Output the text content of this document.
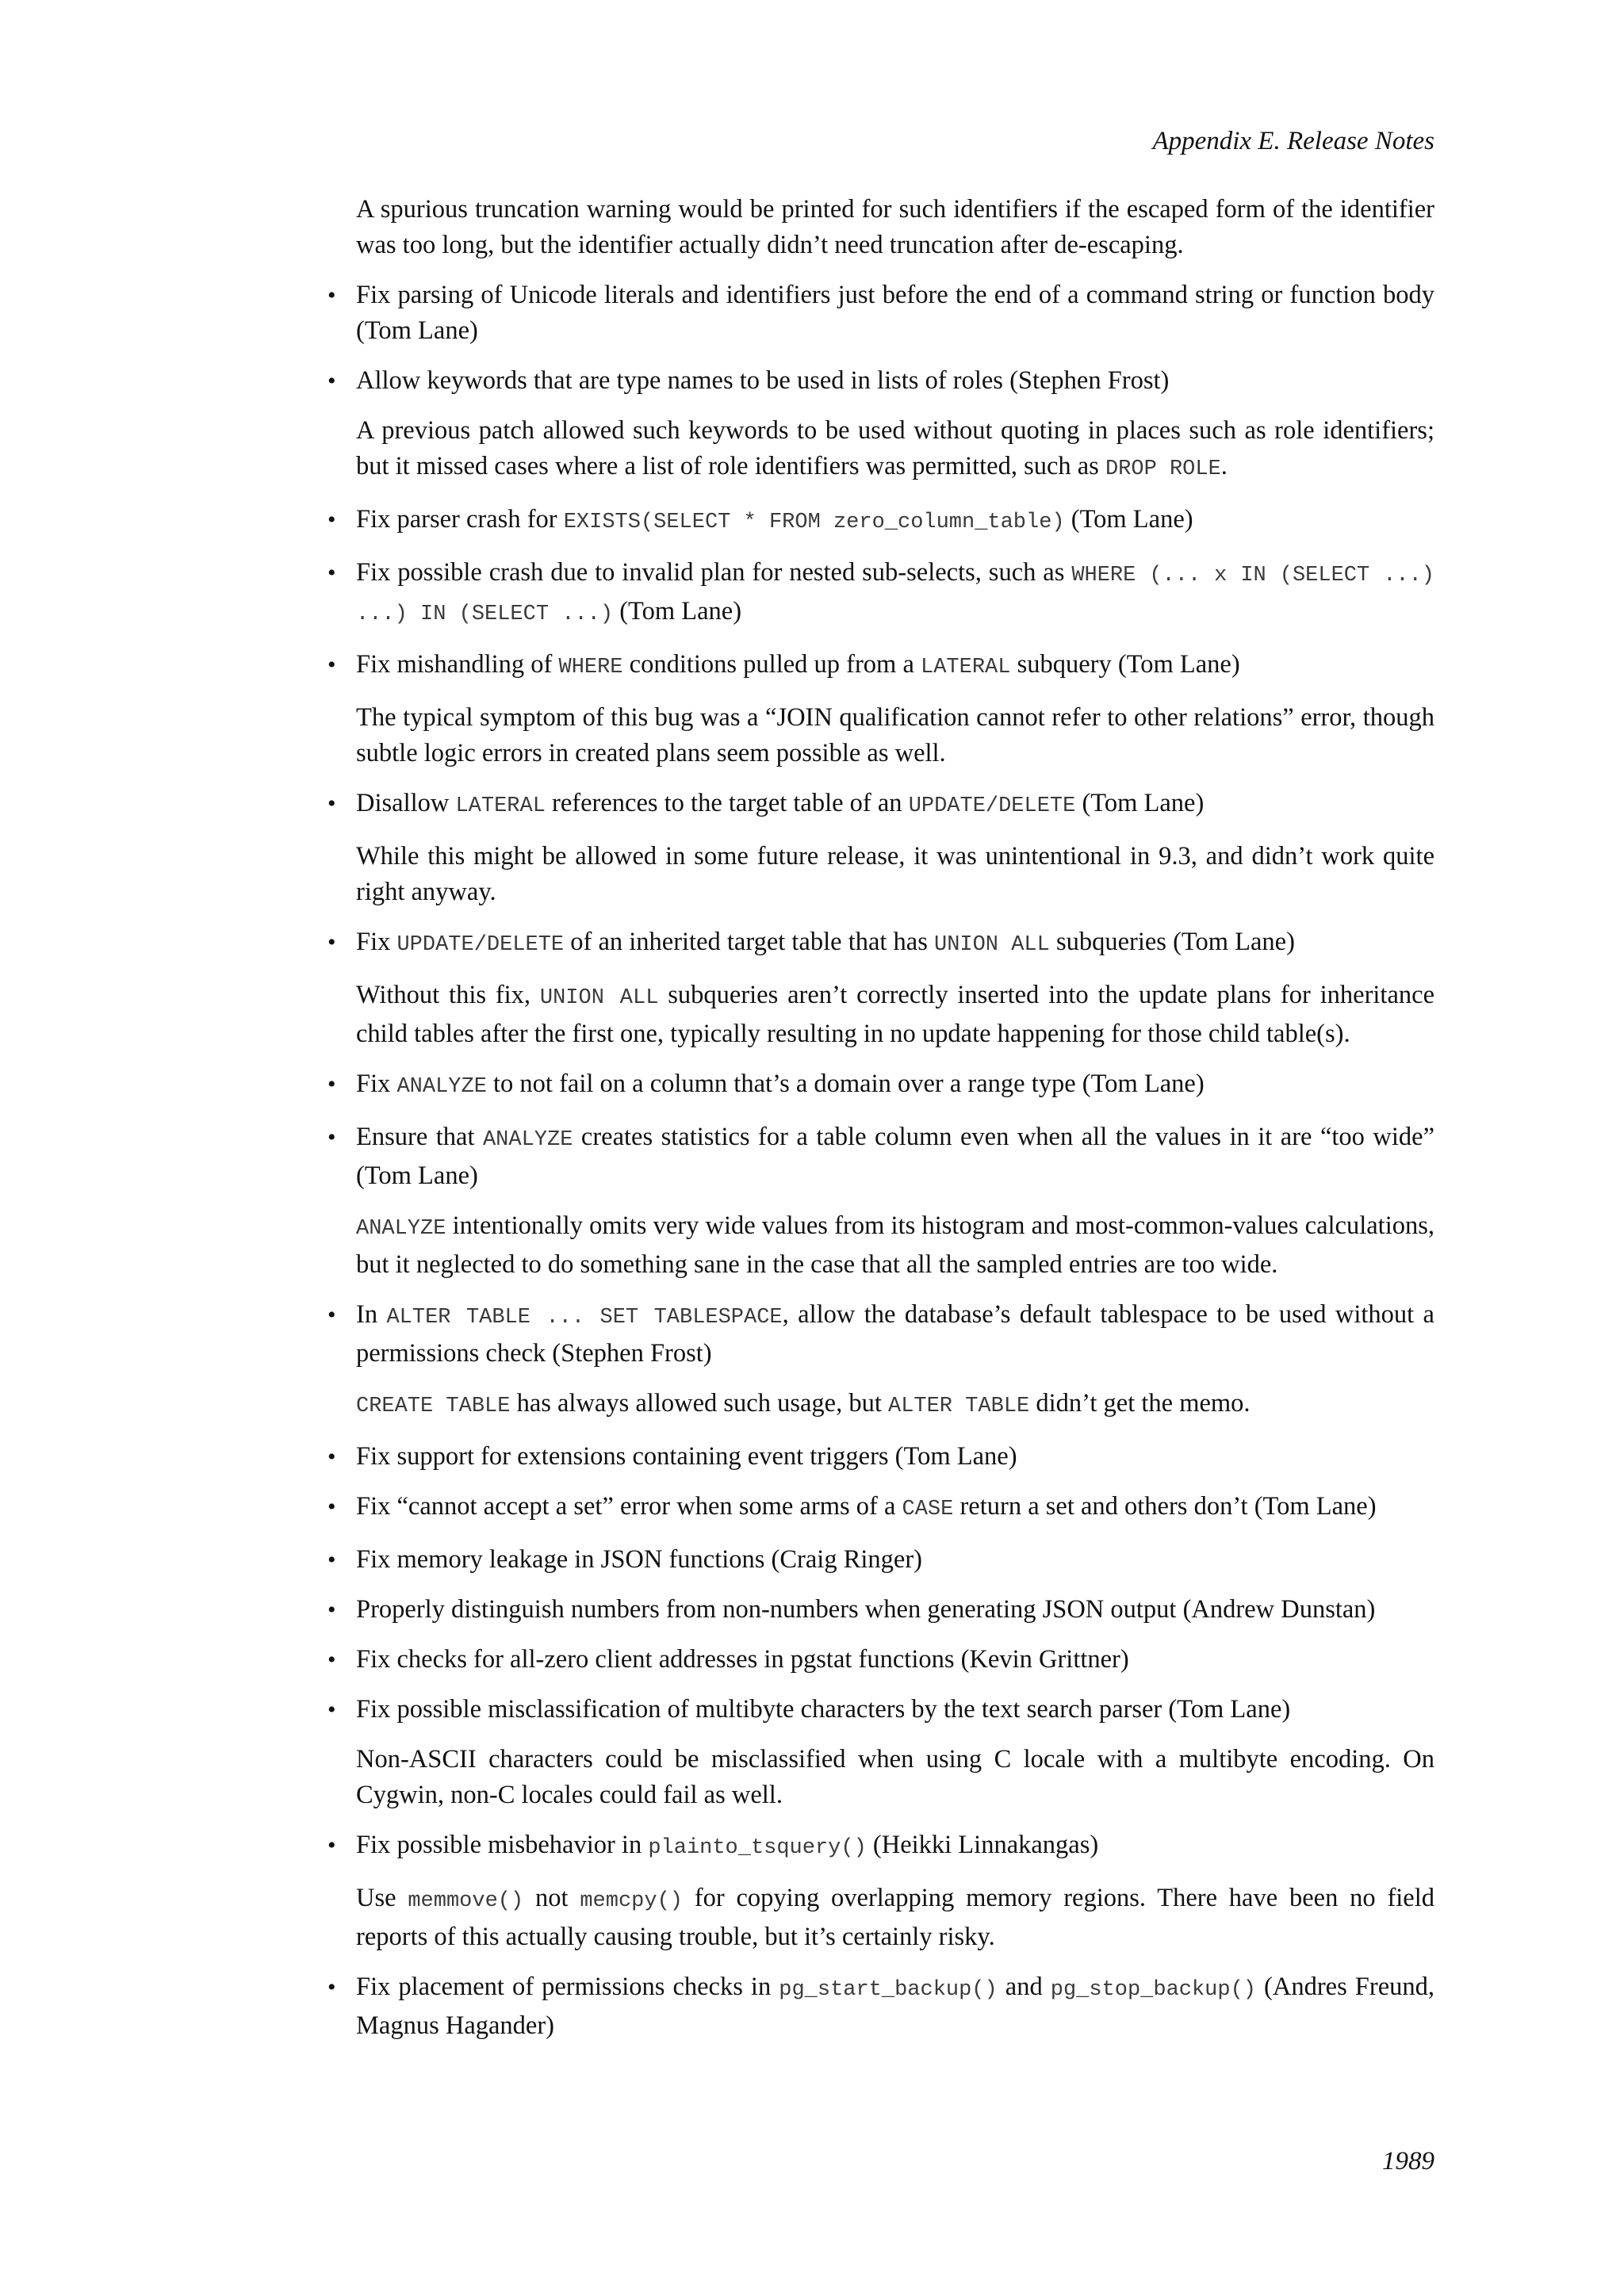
Appendix E. Release Notes
A spurious truncation warning would be printed for such identifiers if the escaped form of the identifier was too long, but the identifier actually didn’t need truncation after de-escaping.
• Fix parsing of Unicode literals and identifiers just before the end of a command string or function body (Tom Lane)
• Allow keywords that are type names to be used in lists of roles (Stephen Frost)
A previous patch allowed such keywords to be used without quoting in places such as role identifiers; but it missed cases where a list of role identifiers was permitted, such as DROP ROLE.
• Fix parser crash for EXISTS(SELECT * FROM zero_column_table) (Tom Lane)
• Fix possible crash due to invalid plan for nested sub-selects, such as WHERE (... x IN (SELECT ...) ...) IN (SELECT ...) (Tom Lane)
• Fix mishandling of WHERE conditions pulled up from a LATERAL subquery (Tom Lane)
The typical symptom of this bug was a “JOIN qualification cannot refer to other relations” error, though subtle logic errors in created plans seem possible as well.
• Disallow LATERAL references to the target table of an UPDATE/DELETE (Tom Lane)
While this might be allowed in some future release, it was unintentional in 9.3, and didn’t work quite right anyway.
• Fix UPDATE/DELETE of an inherited target table that has UNION ALL subqueries (Tom Lane)
Without this fix, UNION ALL subqueries aren’t correctly inserted into the update plans for inheritance child tables after the first one, typically resulting in no update happening for those child table(s).
• Fix ANALYZE to not fail on a column that’s a domain over a range type (Tom Lane)
• Ensure that ANALYZE creates statistics for a table column even when all the values in it are “too wide” (Tom Lane)
ANALYZE intentionally omits very wide values from its histogram and most-common-values calculations, but it neglected to do something sane in the case that all the sampled entries are too wide.
• In ALTER TABLE ... SET TABLESPACE, allow the database’s default tablespace to be used without a permissions check (Stephen Frost)
CREATE TABLE has always allowed such usage, but ALTER TABLE didn’t get the memo.
• Fix support for extensions containing event triggers (Tom Lane)
• Fix “cannot accept a set” error when some arms of a CASE return a set and others don’t (Tom Lane)
• Fix memory leakage in JSON functions (Craig Ringer)
• Properly distinguish numbers from non-numbers when generating JSON output (Andrew Dunstan)
• Fix checks for all-zero client addresses in pgstat functions (Kevin Grittner)
• Fix possible misclassification of multibyte characters by the text search parser (Tom Lane)
Non-ASCII characters could be misclassified when using C locale with a multibyte encoding. On Cygwin, non-C locales could fail as well.
• Fix possible misbehavior in plainto_tsquery() (Heikki Linnakangas)
Use memmove() not memcpy() for copying overlapping memory regions. There have been no field reports of this actually causing trouble, but it’s certainly risky.
• Fix placement of permissions checks in pg_start_backup() and pg_stop_backup() (Andres Freund, Magnus Hagander)
1989
